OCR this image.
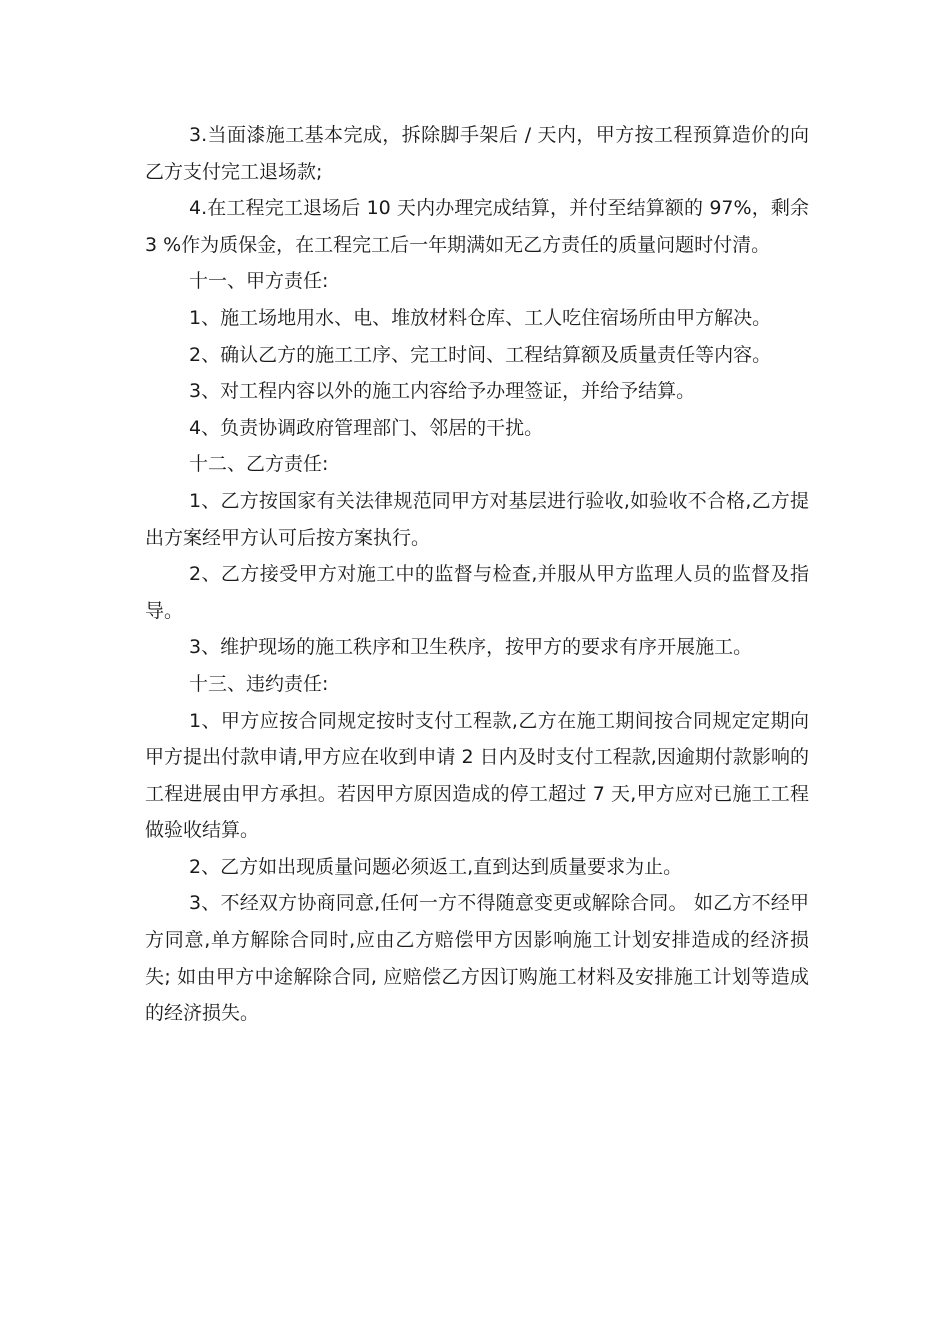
3.当面漆施工基本完成，拆除脚手架后 / 天内，甲方按工程预算造价的向乙方支付完工退场款;

4.在工程完工退场后 10 天内办理完成结算，并付至结算额的 97%，剩余 3 %作为质保金，在工程完工后一年期满如无乙方责任的质量问题时付清。

十一、甲方责任:

1、施工场地用水、电、堆放材料仓库、工人吃住宿场所由甲方解决。

2、确认乙方的施工工序、完工时间、工程结算额及质量责任等内容。

3、对工程内容以外的施工内容给予办理签证，并给予结算。

4、负责协调政府管理部门、邻居的干扰。

十二、乙方责任:

1、乙方按国家有关法律规范同甲方对基层进行验收,如验收不合格,乙方提出方案经甲方认可后按方案执行。

2、乙方接受甲方对施工中的监督与检查,并服从甲方监理人员的监督及指导。

3、维护现场的施工秩序和卫生秩序，按甲方的要求有序开展施工。

十三、违约责任:

1、甲方应按合同规定按时支付工程款,乙方在施工期间按合同规定定期向甲方提出付款申请,甲方应在收到申请 2 日内及时支付工程款,因逾期付款影响的工程进展由甲方承担。若因甲方原因造成的停工超过 7 天,甲方应对已施工工程做验收结算。

2、乙方如出现质量问题必须返工,直到达到质量要求为止。

3、不经双方协商同意,任何一方不得随意变更或解除合同。 如乙方不经甲方同意,单方解除合同时,应由乙方赔偿甲方因影响施工计划安排造成的经济损失; 如由甲方中途解除合同, 应赔偿乙方因订购施工材料及安排施工计划等造成的经济损失。
